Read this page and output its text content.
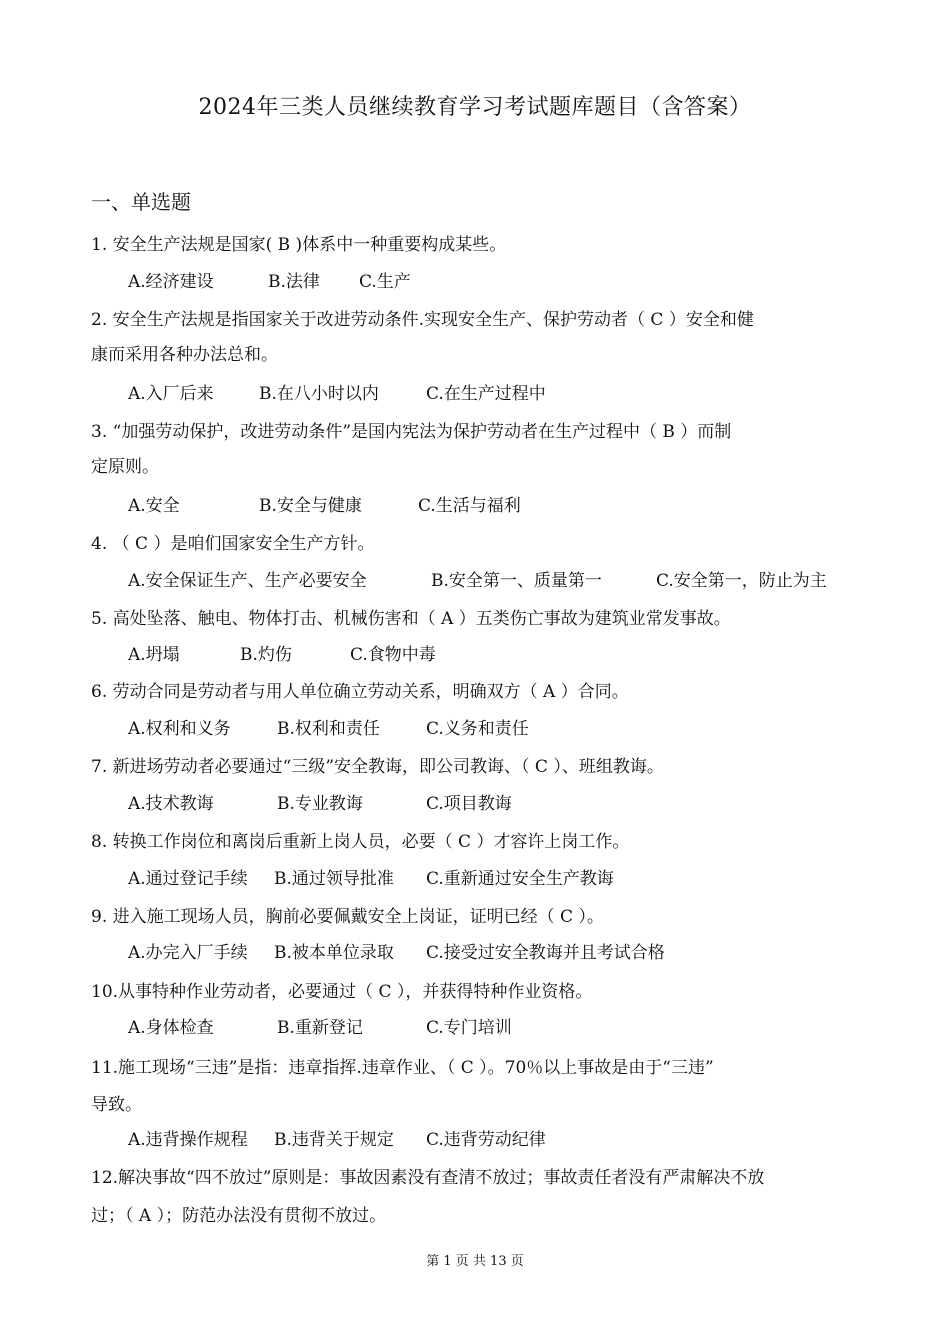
2024年三类人员继续教育学习考试题库题目（含答案）
一、单选题
1. 安全生产法规是国家( B )体系中一种重要构成某些。
A.经济建设	B.法律 C.生产
2. 安全生产法规是指国家关于改进劳动条件.实现安全生产、保护劳动者（ C ）安全和健
康而采用各种办法总和。
A.入厂后来	B.在八小时以内	C.在生产过程中
3. “加强劳动保护，改进劳动条件”是国内宪法为保护劳动者在生产过程中（ B ）而制
定原则。
A.安全	B.安全与健康	C.生活与福利
4. （ C ）是咱们国家安全生产方针。
A.安全保证生产、生产必要安全	B.安全第一、质量第一	C.安全第一，防止为主
5. 高处坠落、触电、物体打击、机械伤害和（ A ）五类伤亡事故为建筑业常发事故。
A.坍塌	B.灼伤	C.食物中毒
6. 劳动合同是劳动者与用人单位确立劳动关系，明确双方（ A ）合同。
A.权利和义务	B.权利和责任	C.义务和责任
7. 新进场劳动者必要通过“三级”安全教诲，即公司教诲、（ C ）、班组教诲。
A.技术教诲	B.专业教诲	C.项目教诲
8. 转换工作岗位和离岗后重新上岗人员，必要（ C ）才容许上岗工作。
A.通过登记手续 B.通过领导批准 C.重新通过安全生产教诲
9. 进入施工现场人员，胸前必要佩戴安全上岗证，证明已经（ C ）。
A.办完入厂手续 B.被本单位录取 C.接受过安全教诲并且考试合格
10.从事特种作业劳动者，必要通过（ C ），并获得特种作业资格。
A.身体检查	B.重新登记	C.专门培训
11.施工现场“三违”是指：违章指挥.违章作业、（ C ）。70％以上事故是由于“三违”
导致。
A.违背操作规程 B.违背关于规定 C.违背劳动纪律
12.解决事故“四不放过”原则是：事故因素没有查清不放过；事故责任者没有严肃解决不放
过；（ A ）；防范办法没有贯彻不放过。
第 1 页 共 13 页
